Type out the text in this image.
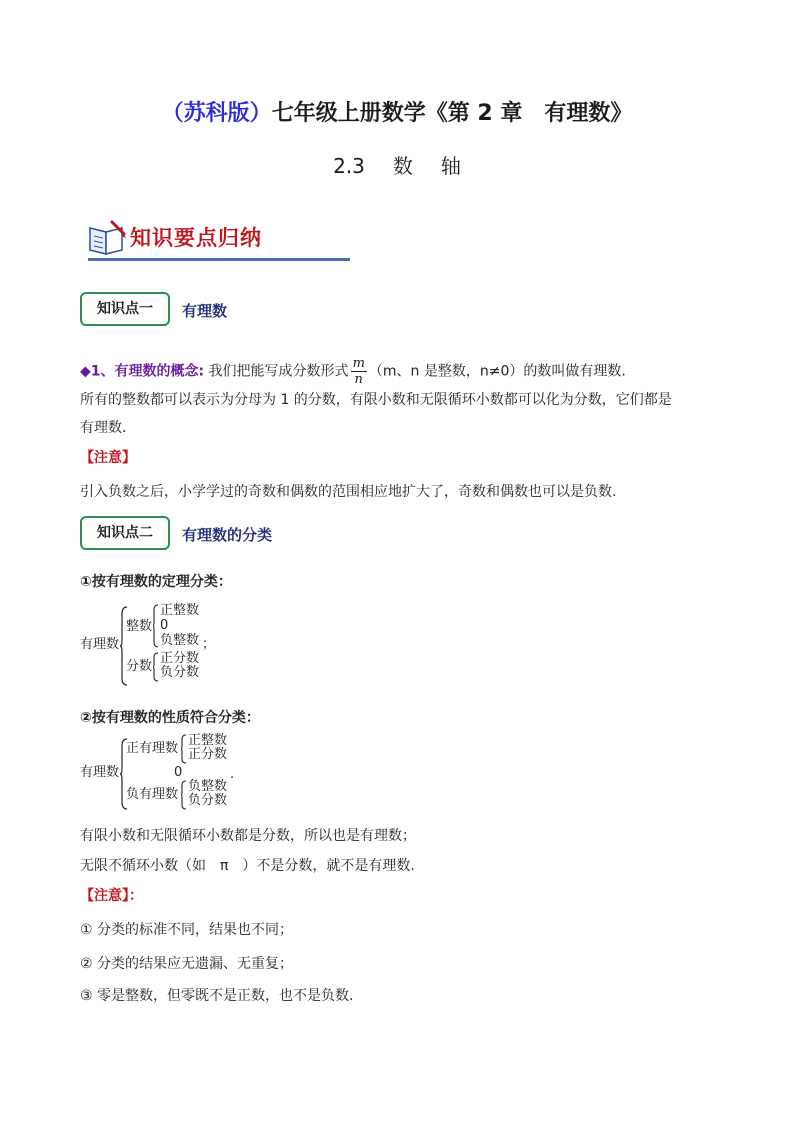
（苏科版）七年级上册数学《第 2 章　有理数》
2.3 数 轴
知识要点归纳
知识点一	有理数
◆1、有理数的概念: 我们把能写成分数形式 $\frac{m}{n} (m$、n 是整数，n≠0）的数叫做有理数．
所有的整数都可以表示为分母为 1 的分数，有限小数和无限循环小数都可以化为分数，它们都是
有理数．
【注意】
引入负数之后，小学学过的奇数和偶数的范围相应地扩大了，奇数和偶数也可以是负数.
知识点二	有理数的分类
①按有理数的定理分类：
有理数
整数
正整数
0
负整数 ；
分数
正分数
负分数
②按有理数的性质符合分类：
有理数
正有理数
正整数
正分数
0	.
负有理数
负整数
负分数
有限小数和无限循环小数都是分数，所以也是有理数；
无限不循环小数（如　π　）不是分数，就不是有理数.
【注意】：
① 分类的标准不同，结果也不同；
② 分类的结果应无遗漏、无重复；
③ 零是整数，但零既不是正数，也不是负数.
